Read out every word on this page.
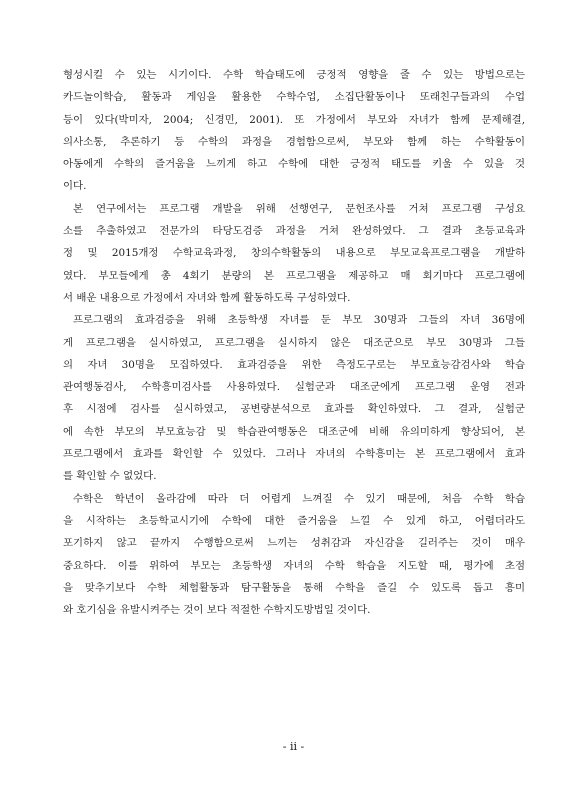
형성시킬 수 있는 시기이다. 수학 학습태도에 긍정적 영향을 줄 수 있는 방법으로는
카드놀이학습, 활동과 게임을 활용한 수학수업, 소집단활동이나 또래친구들과의 수업
등이 있다(박미자, 2004; 신경민, 2001). 또 가정에서 부모와 자녀가 함께 문제해결,
의사소통, 추론하기 등 수학의 과정을 경험함으로써, 부모와 함께 하는 수학활동이
아동에게 수학의 즐거움을 느끼게 하고 수학에 대한 긍정적 태도를 키울 수 있을 것
이다.
본 연구에서는 프로그램 개발을 위해 선행연구, 문헌조사를 거쳐 프로그램 구성요
소를 추출하였고 전문가의 타당도검증 과정을 거쳐 완성하였다. 그 결과 초등교육과
정 및 2015개정 수학교육과정, 창의수학활동의 내용으로 부모교육프로그램을 개발하
였다. 부모들에게 총 4회기 분량의 본 프로그램을 제공하고 매 회기마다 프로그램에
서 배운 내용으로 가정에서 자녀와 함께 활동하도록 구성하였다.
프로그램의 효과검증을 위해 초등학생 자녀를 둔 부모 30명과 그들의 자녀 36명에
게 프로그램을 실시하였고, 프로그램을 실시하지 않은 대조군으로 부모 30명과 그들
의 자녀 30명을 모집하였다. 효과검증을 위한 측정도구로는 부모효능감검사와 학습
관여행동검사, 수학흥미검사를 사용하였다. 실험군과 대조군에게 프로그램 운영 전과
후 시점에 검사를 실시하였고, 공변량분석으로 효과를 확인하였다. 그 결과, 실험군
에 속한 부모의 부모효능감 및 학습관여행동은 대조군에 비해 유의미하게 향상되어, 본
프로그램에서 효과를 확인할 수 있었다. 그러나 자녀의 수학흥미는 본 프로그램에서 효과
를 확인할 수 없었다.
수학은 학년이 올라감에 따라 더 어렵게 느껴질 수 있기 때문에, 처음 수학 학습
을 시작하는 초등학교시기에 수학에 대한 즐거움을 느낄 수 있게 하고, 어렵더라도
포기하지 않고 끝까지 수행함으로써 느끼는 성취감과 자신감을 길러주는 것이 매우
중요하다. 이를 위하여 부모는 초등학생 자녀의 수학 학습을 지도할 때, 평가에 초점
을 맞추기보다 수학 체험활동과 탐구활동을 통해 수학을 즐길 수 있도록 돕고 흥미
와 호기심을 유발시켜주는 것이 보다 적절한 수학지도방법일 것이다.
- ii -
